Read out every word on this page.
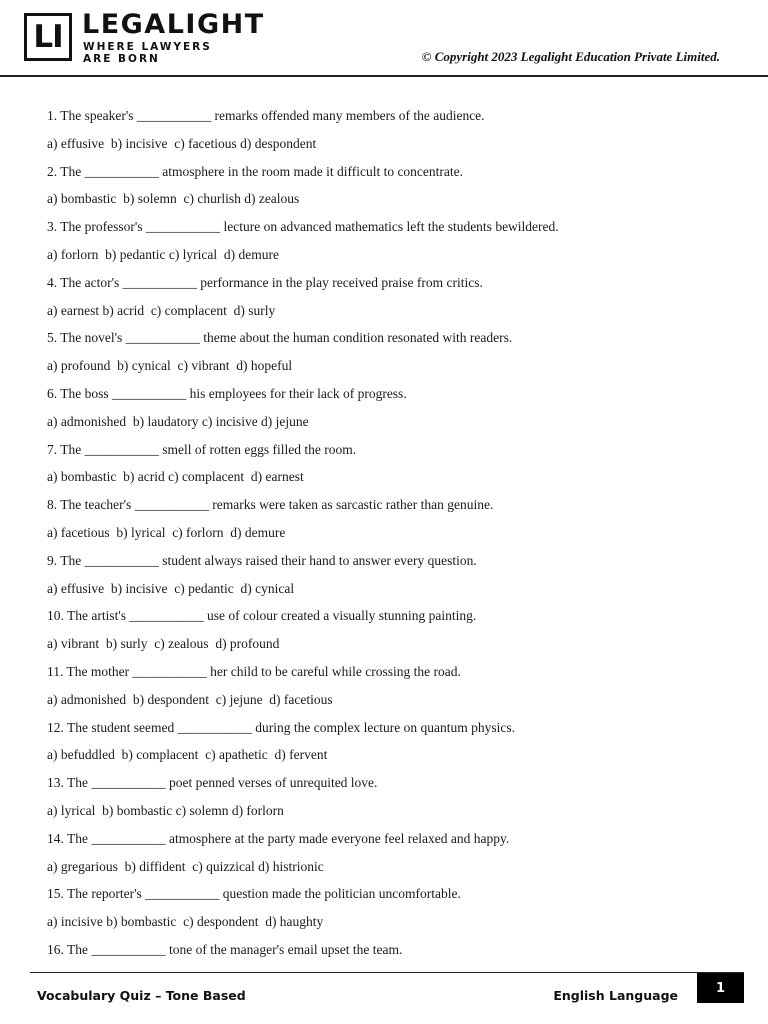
LI LEGALIGHT
WHERE LAWYERS
ARE BORN	© Copyright 2023 Legalight Education Private Limited.
1. The speaker's ___________ remarks offended many members of the audience.
a) effusive  b) incisive  c) facetious d) despondent
2. The ___________ atmosphere in the room made it difficult to concentrate.
a) bombastic  b) solemn  c) churlish d) zealous
3. The professor's ___________ lecture on advanced mathematics left the students bewildered.
a) forlorn  b) pedantic c) lyrical  d) demure
4. The actor's ___________ performance in the play received praise from critics.
a) earnest b) acrid  c) complacent  d) surly
5. The novel's ___________ theme about the human condition resonated with readers.
a) profound  b) cynical  c) vibrant  d) hopeful
6. The boss ___________ his employees for their lack of progress.
a) admonished  b) laudatory c) incisive d) jejune
7. The ___________ smell of rotten eggs filled the room.
a) bombastic  b) acrid c) complacent  d) earnest
8. The teacher's ___________ remarks were taken as sarcastic rather than genuine.
a) facetious  b) lyrical  c) forlorn  d) demure
9. The ___________ student always raised their hand to answer every question.
a) effusive  b) incisive  c) pedantic  d) cynical
10. The artist's ___________ use of colour created a visually stunning painting.
a) vibrant  b) surly  c) zealous  d) profound
11. The mother ___________ her child to be careful while crossing the road.
a) admonished  b) despondent  c) jejune  d) facetious
12. The student seemed ___________ during the complex lecture on quantum physics.
a) befuddled  b) complacent  c) apathetic  d) fervent
13. The ___________ poet penned verses of unrequited love.
a) lyrical  b) bombastic c) solemn d) forlorn
14. The ___________ atmosphere at the party made everyone feel relaxed and happy.
a) gregarious  b) diffident  c) quizzical d) histrionic
15. The reporter's ___________ question made the politician uncomfortable.
a) incisive b) bombastic  c) despondent  d) haughty
16. The ___________ tone of the manager's email upset the team.
Vocabulary Quiz – Tone Based	English Language	1
